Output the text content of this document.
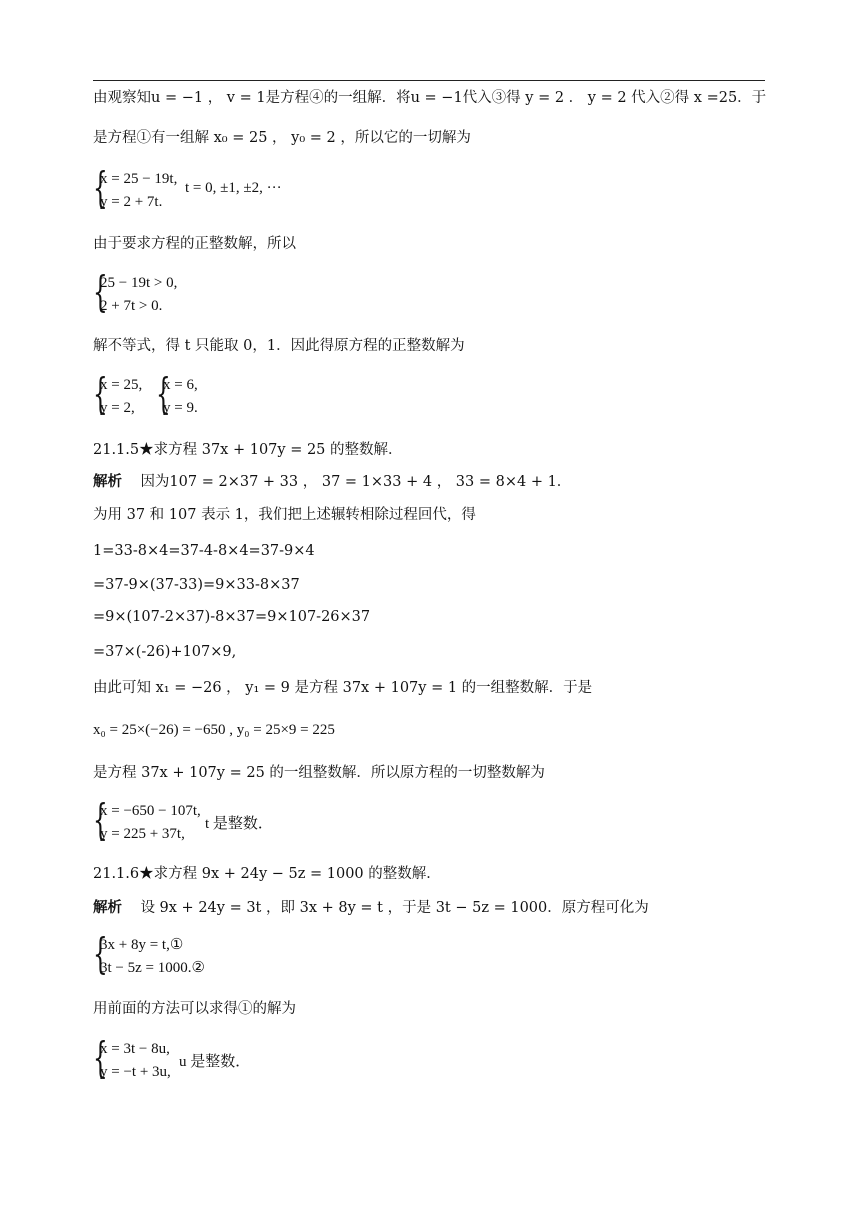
由观察知u = −1 ， v = 1是方程④的一组解．将u = −1代入③得 y = 2 ． y = 2 代入②得 x =25．于
是方程①有一组解 x₀ = 25 ， y₀ = 2 ，所以它的一切解为
{
x = 25 − 19t,
y = 2 + 7t.
t = 0, ±1, ±2, ···
由于要求方程的正整数解，所以
{
25 − 19t > 0,
2 + 7t > 0.
解不等式，得 t 只能取 0，1．因此得原方程的正整数解为
{
x = 25,
y = 2, {
x = 6,
y = 9.
21.1.5★求方程 37x + 107y = 25 的整数解．
解析 因为107 = 2×37 + 33 ， 37 = 1×33 + 4 ， 33 = 8×4 + 1．
为用 37 和 107 表示 1，我们把上述辗转相除过程回代，得
1=33-8×4=37-4-8×4=37-9×4
=37-9×(37-33)=9×33-8×37
=9×(107-2×37)-8×37=9×107-26×37
=37×(-26)+107×9,
由此可知 x₁ = −26 ， y₁ = 9 是方程 37x + 107y = 1 的一组整数解．于是
x₀ = 25×(−26) = −650 , y₀ = 25×9 = 225
是方程 37x + 107y = 25 的一组整数解．所以原方程的一切整数解为
{
x = −650 − 107t,
y = 225 + 37t,
t 是整数．
21.1.6★求方程 9x + 24y − 5z = 1000 的整数解．
解析 设 9x + 24y = 3t ，即 3x + 8y = t ，于是 3t − 5z = 1000．原方程可化为
{
3x + 8y = t,①
3t − 5z = 1000.②
用前面的方法可以求得①的解为
{
x = 3t − 8u,
y = −t + 3u,
u 是整数．
